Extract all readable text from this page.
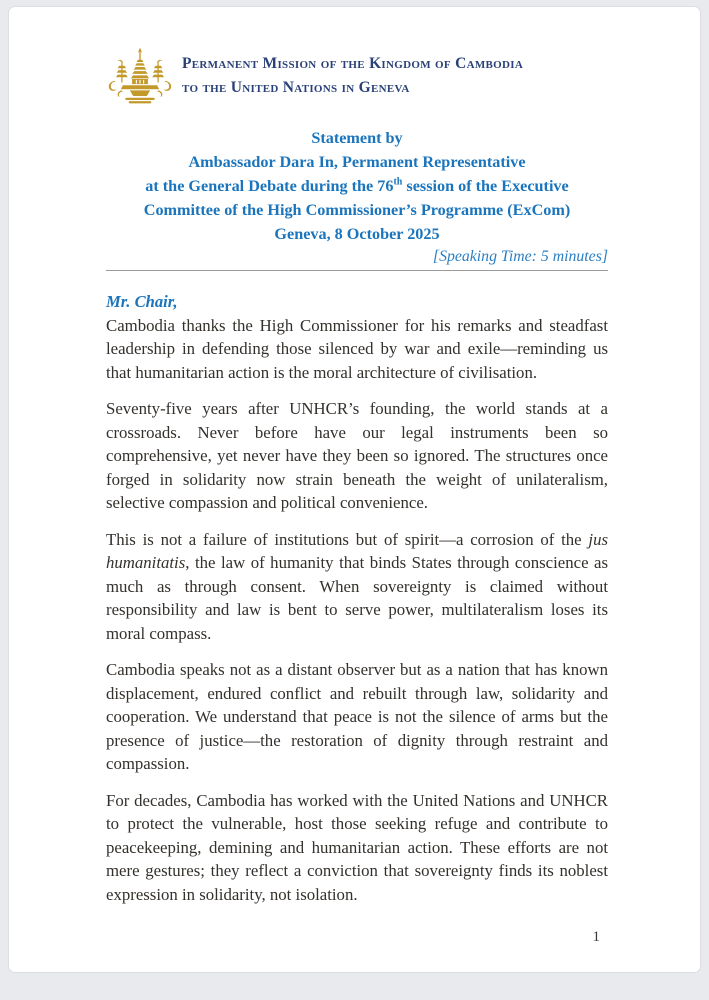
Permanent Mission of the Kingdom of Cambodia
to the United Nations in Geneva
Statement by
Ambassador Dara In, Permanent Representative
at the General Debate during the 76th session of the Executive
Committee of the High Commissioner’s Programme (ExCom)
Geneva, 8 October 2025
[Speaking Time: 5 minutes]
Mr. Chair,

Cambodia thanks the High Commissioner for his remarks and steadfast leadership in defending those silenced by war and exile—reminding us that humanitarian action is the moral architecture of civilisation.

Seventy-five years after UNHCR’s founding, the world stands at a crossroads. Never before have our legal instruments been so comprehensive, yet never have they been so ignored. The structures once forged in solidarity now strain beneath the weight of unilateralism, selective compassion and political convenience.

This is not a failure of institutions but of spirit—a corrosion of the jus humanitatis, the law of humanity that binds States through conscience as much as through consent. When sovereignty is claimed without responsibility and law is bent to serve power, multilateralism loses its moral compass.

Cambodia speaks not as a distant observer but as a nation that has known displacement, endured conflict and rebuilt through law, solidarity and cooperation. We understand that peace is not the silence of arms but the presence of justice—the restoration of dignity through restraint and compassion.

For decades, Cambodia has worked with the United Nations and UNHCR to protect the vulnerable, host those seeking refuge and contribute to peacekeeping, demining and humanitarian action. These efforts are not mere gestures; they reflect a conviction that sovereignty finds its noblest expression in solidarity, not isolation.

1
